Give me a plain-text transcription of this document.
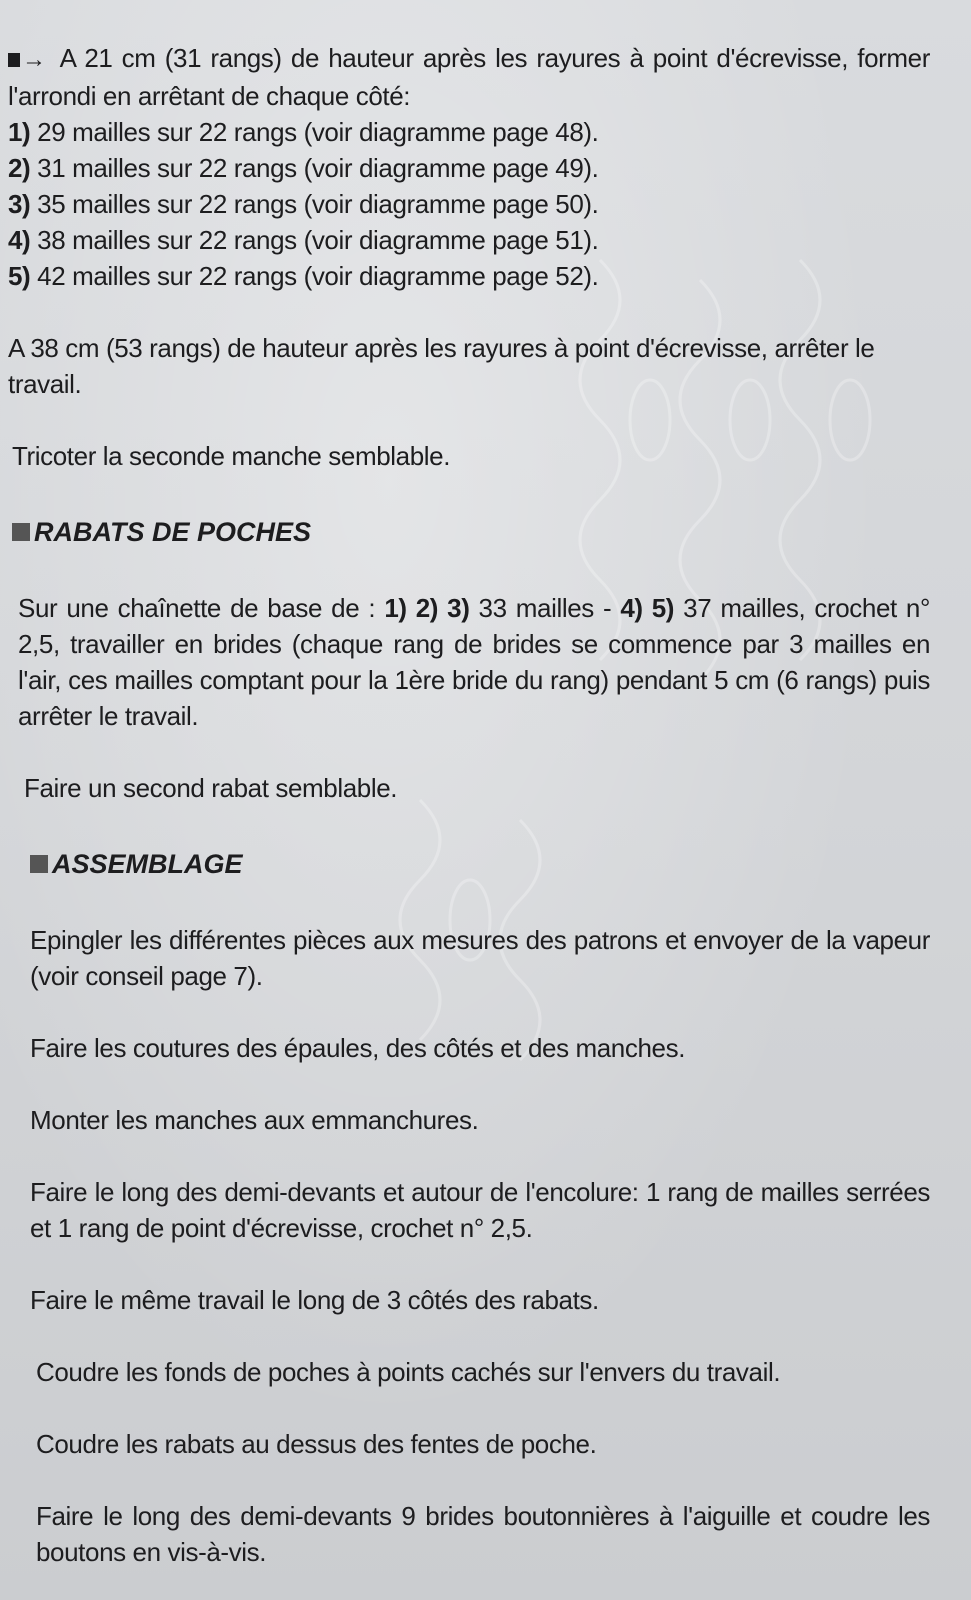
→ A 21 cm (31 rangs) de hauteur après les rayures à point d'écrevisse, former l'arrondi en arrêtant de chaque côté:

1) 29 mailles sur 22 rangs (voir diagramme page 48).

2) 31 mailles sur 22 rangs (voir diagramme page 49).

3) 35 mailles sur 22 rangs (voir diagramme page 50).

4) 38 mailles sur 22 rangs (voir diagramme page 51).

5) 42 mailles sur 22 rangs (voir diagramme page 52).

A 38 cm (53 rangs) de hauteur après les rayures à point d'écrevisse, arrêter le travail.

Tricoter la seconde manche semblable.

RABATS DE POCHES

Sur une chaînette de base de : 1) 2) 3) 33 mailles - 4) 5) 37 mailles, crochet n° 2,5, travailler en brides (chaque rang de brides se commence par 3 mailles en l'air, ces mailles comptant pour la 1ère bride du rang) pendant 5 cm (6 rangs) puis arrêter le travail.

Faire un second rabat semblable.

ASSEMBLAGE

Epingler les différentes pièces aux mesures des patrons et envoyer de la vapeur (voir conseil page 7).

Faire les coutures des épaules, des côtés et des manches.

Monter les manches aux emmanchures.

Faire le long des demi-devants et autour de l'encolure: 1 rang de mailles serrées et 1 rang de point d'écrevisse, crochet n° 2,5.

Faire le même travail le long de 3 côtés des rabats.

Coudre les fonds de poches à points cachés sur l'envers du travail.

Coudre les rabats au dessus des fentes de poche.

Faire le long des demi-devants 9 brides boutonnières à l'aiguille et coudre les boutons en vis-à-vis.
